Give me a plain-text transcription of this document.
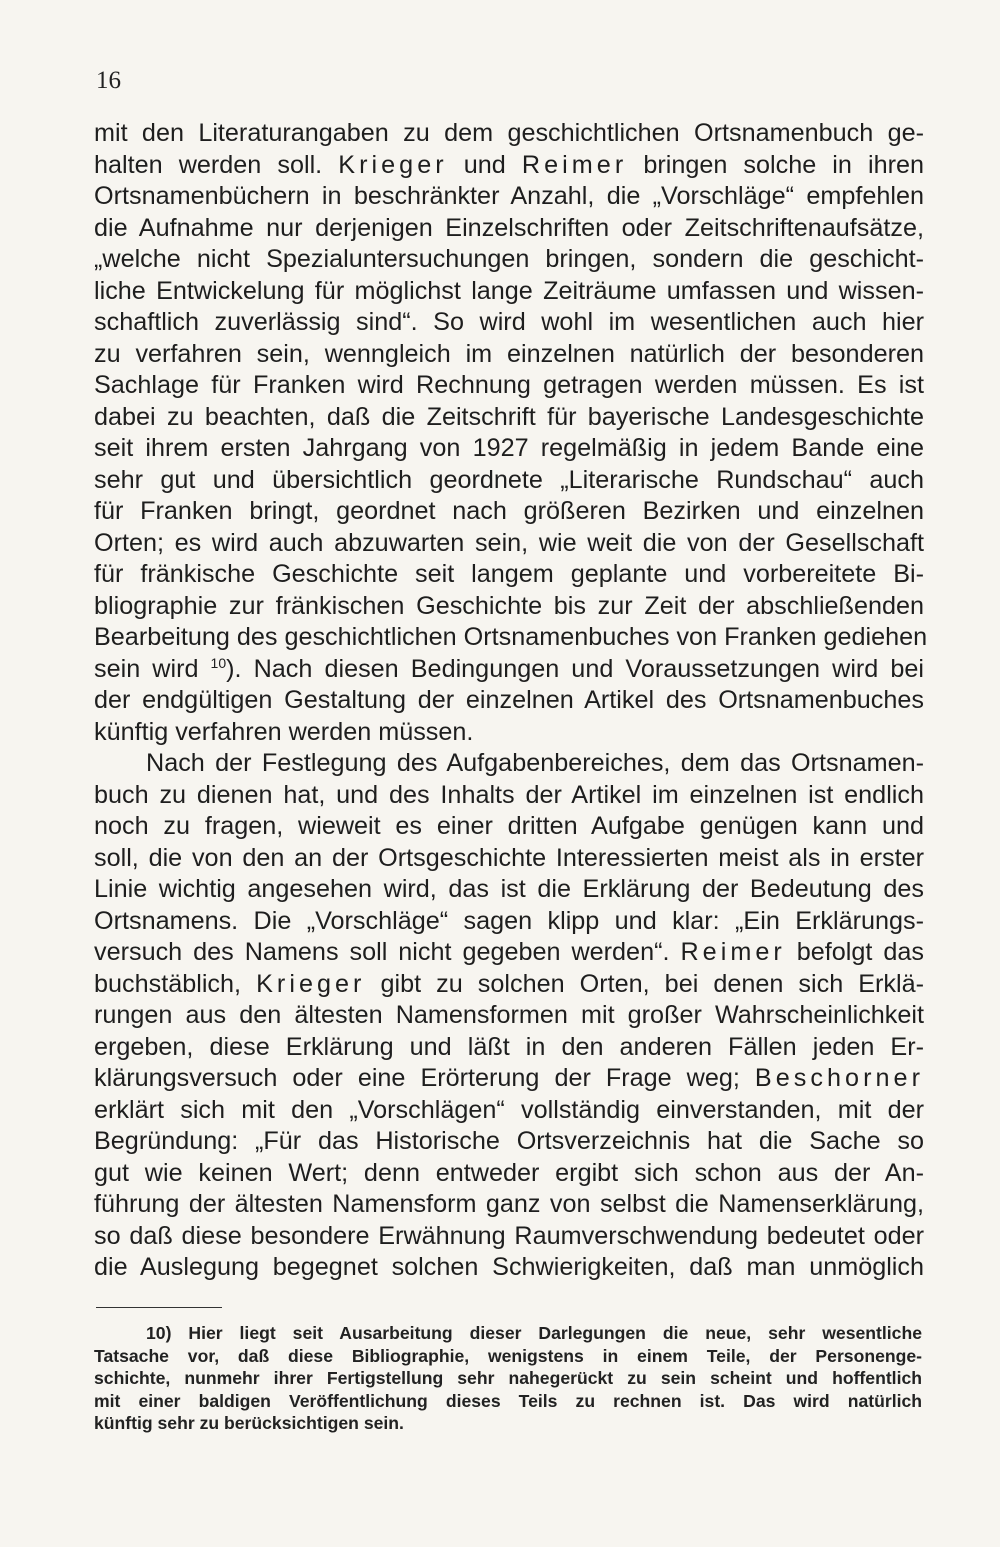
16
mit den Literaturangaben zu dem geschichtlichen Ortsnamenbuch ge-
halten werden soll. Krieger und Reimer bringen solche in ihren
Ortsnamenbüchern in beschränkter Anzahl, die „Vorschläge“ empfehlen
die Aufnahme nur derjenigen Einzelschriften oder Zeitschriftenaufsätze,
„welche nicht Spezialuntersuchungen bringen, sondern die geschicht-
liche Entwickelung für möglichst lange Zeiträume umfassen und wissen-
schaftlich zuverlässig sind“. So wird wohl im wesentlichen auch hier
zu verfahren sein, wenngleich im einzelnen natürlich der besonderen
Sachlage für Franken wird Rechnung getragen werden müssen. Es ist
dabei zu beachten, daß die Zeitschrift für bayerische Landesgeschichte
seit ihrem ersten Jahrgang von 1927 regelmäßig in jedem Bande eine
sehr gut und übersichtlich geordnete „Literarische Rundschau“ auch
für Franken bringt, geordnet nach größeren Bezirken und einzelnen
Orten; es wird auch abzuwarten sein, wie weit die von der Gesellschaft
für fränkische Geschichte seit langem geplante und vorbereitete Bi-
bliographie zur fränkischen Geschichte bis zur Zeit der abschließenden
Bearbeitung des geschichtlichen Ortsnamenbuches von Franken gediehen
sein wird $^{10}$). Nach diesen Bedingungen und Voraussetzungen wird bei
der endgültigen Gestaltung der einzelnen Artikel des Ortsnamenbuches
künftig verfahren werden müssen.
Nach der Festlegung des Aufgabenbereiches, dem das Ortsnamen-
buch zu dienen hat, und des Inhalts der Artikel im einzelnen ist endlich
noch zu fragen, wieweit es einer dritten Aufgabe genügen kann und
soll, die von den an der Ortsgeschichte Interessierten meist als in erster
Linie wichtig angesehen wird, das ist die Erklärung der Bedeutung des
Ortsnamens. Die „Vorschläge“ sagen klipp und klar: „Ein Erklärungs-
versuch des Namens soll nicht gegeben werden“. Reimer befolgt das
buchstäblich, Krieger gibt zu solchen Orten, bei denen sich Erklä-
rungen aus den ältesten Namensformen mit großer Wahrscheinlichkeit
ergeben, diese Erklärung und läßt in den anderen Fällen jeden Er-
klärungsversuch oder eine Erörterung der Frage weg; Beschorner
erklärt sich mit den „Vorschlägen“ vollständig einverstanden, mit der
Begründung: „Für das Historische Ortsverzeichnis hat die Sache so
gut wie keinen Wert; denn entweder ergibt sich schon aus der An-
führung der ältesten Namensform ganz von selbst die Namenserklärung,
so daß diese besondere Erwähnung Raumverschwendung bedeutet oder
die Auslegung begegnet solchen Schwierigkeiten, daß man unmöglich
10) Hier liegt seit Ausarbeitung dieser Darlegungen die neue, sehr wesentliche
Tatsache vor, daß diese Bibliographie, wenigstens in einem Teile, der Personenge-
schichte, nunmehr ihrer Fertigstellung sehr nahegerückt zu sein scheint und hoffentlich
mit einer baldigen Veröffentlichung dieses Teils zu rechnen ist. Das wird natürlich
künftig sehr zu berücksichtigen sein.
